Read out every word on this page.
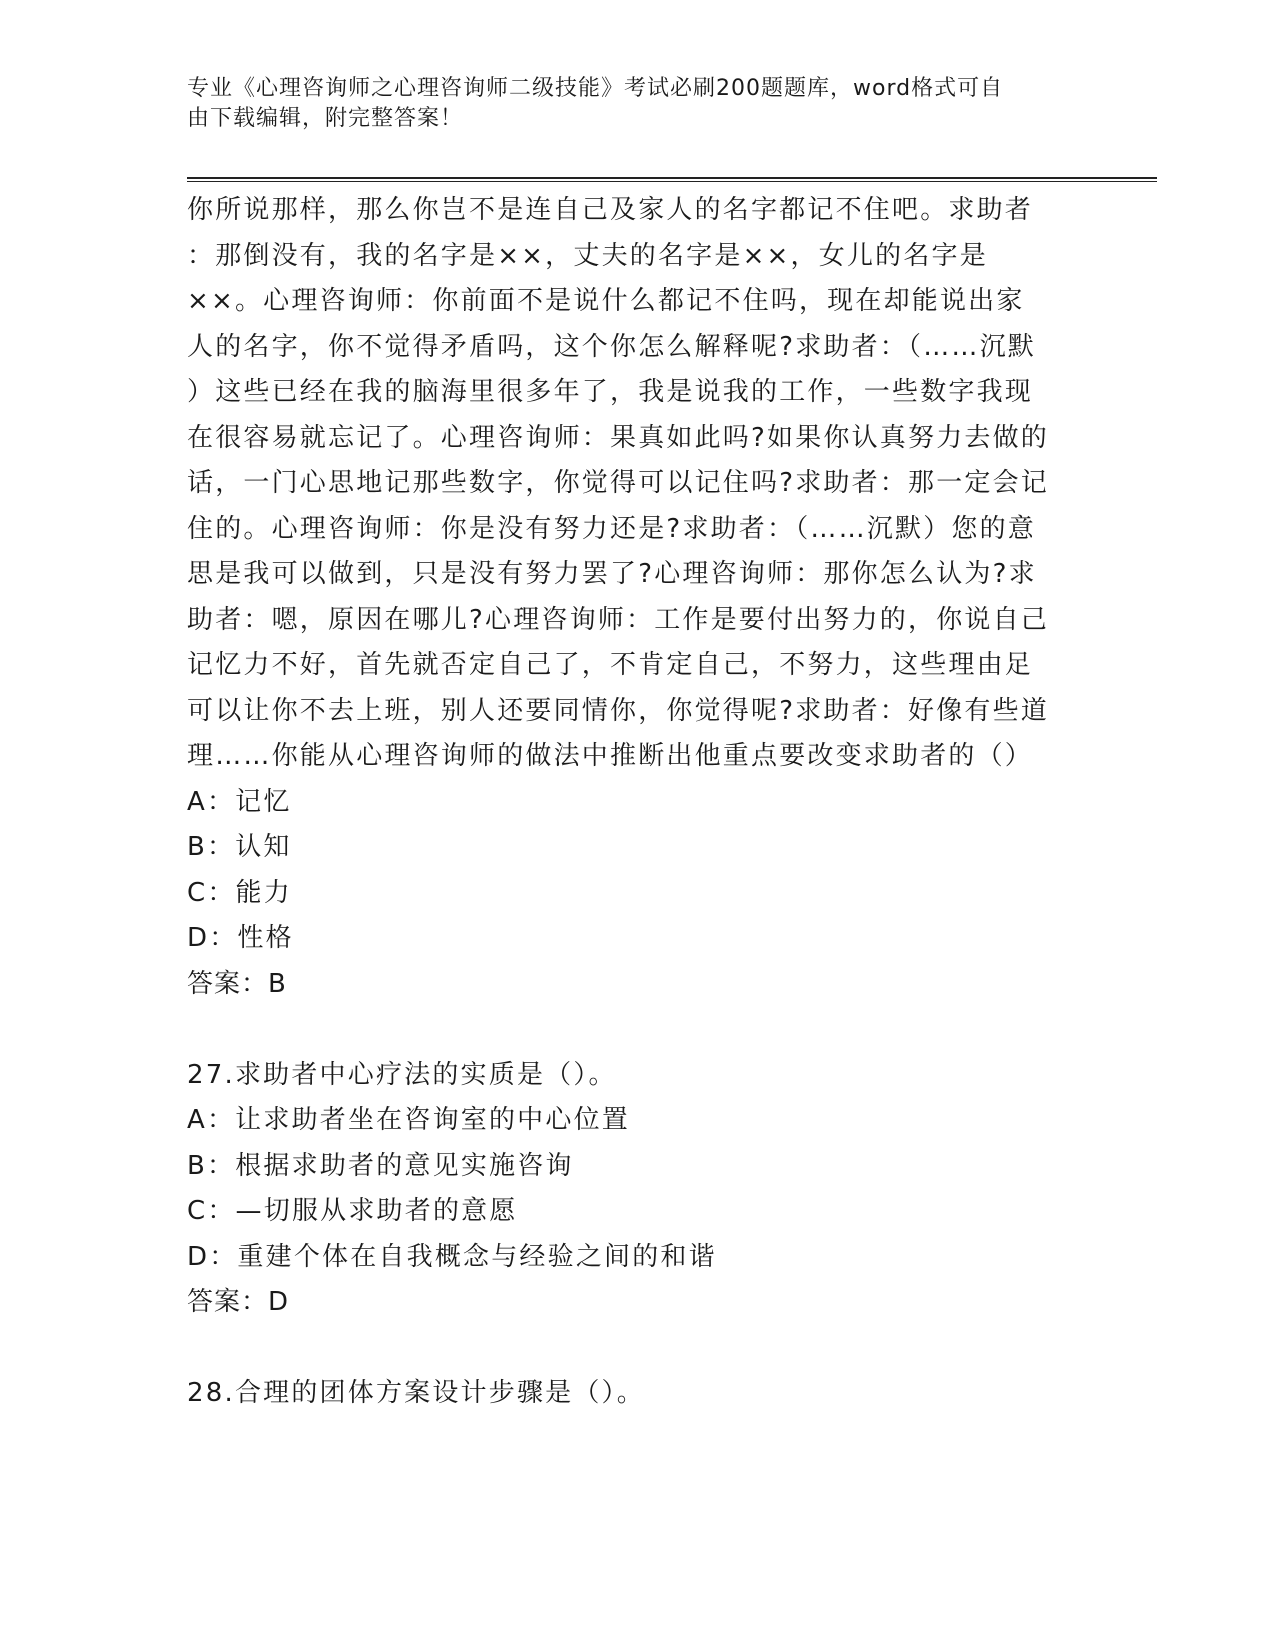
专业《心理咨询师之心理咨询师二级技能》考试必刷200题题库，word格式可自
由下载编辑，附完整答案！
你所说那样，那么你岂不是连自己及家人的名字都记不住吧。求助者
：那倒没有，我的名字是××，丈夫的名字是××，女儿的名字是
××。心理咨询师：你前面不是说什么都记不住吗，现在却能说出家
人的名字，你不觉得矛盾吗，这个你怎么解释呢?求助者：（……沉默
）这些已经在我的脑海里很多年了，我是说我的工作，一些数字我现
在很容易就忘记了。心理咨询师：果真如此吗?如果你认真努力去做的
话，一门心思地记那些数字，你觉得可以记住吗?求助者：那一定会记
住的。心理咨询师：你是没有努力还是?求助者：（……沉默）您的意
思是我可以做到，只是没有努力罢了?心理咨询师：那你怎么认为?求
助者：嗯，原因在哪儿?心理咨询师：工作是要付出努力的，你说自己
记忆力不好，首先就否定自己了，不肯定自己，不努力，这些理由足
可以让你不去上班，别人还要同情你，你觉得呢?求助者：好像有些道
理……你能从心理咨询师的做法中推断出他重点要改变求助者的（）
A：记忆
B：认知
C：能力
D：性格
答案：B
27.求助者中心疗法的实质是（）。
A：让求助者坐在咨询室的中心位置
B：根据求助者的意见实施咨询
C：—切服从求助者的意愿
D：重建个体在自我概念与经验之间的和谐
答案：D
28.合理的团体方案设计步骤是（）。
